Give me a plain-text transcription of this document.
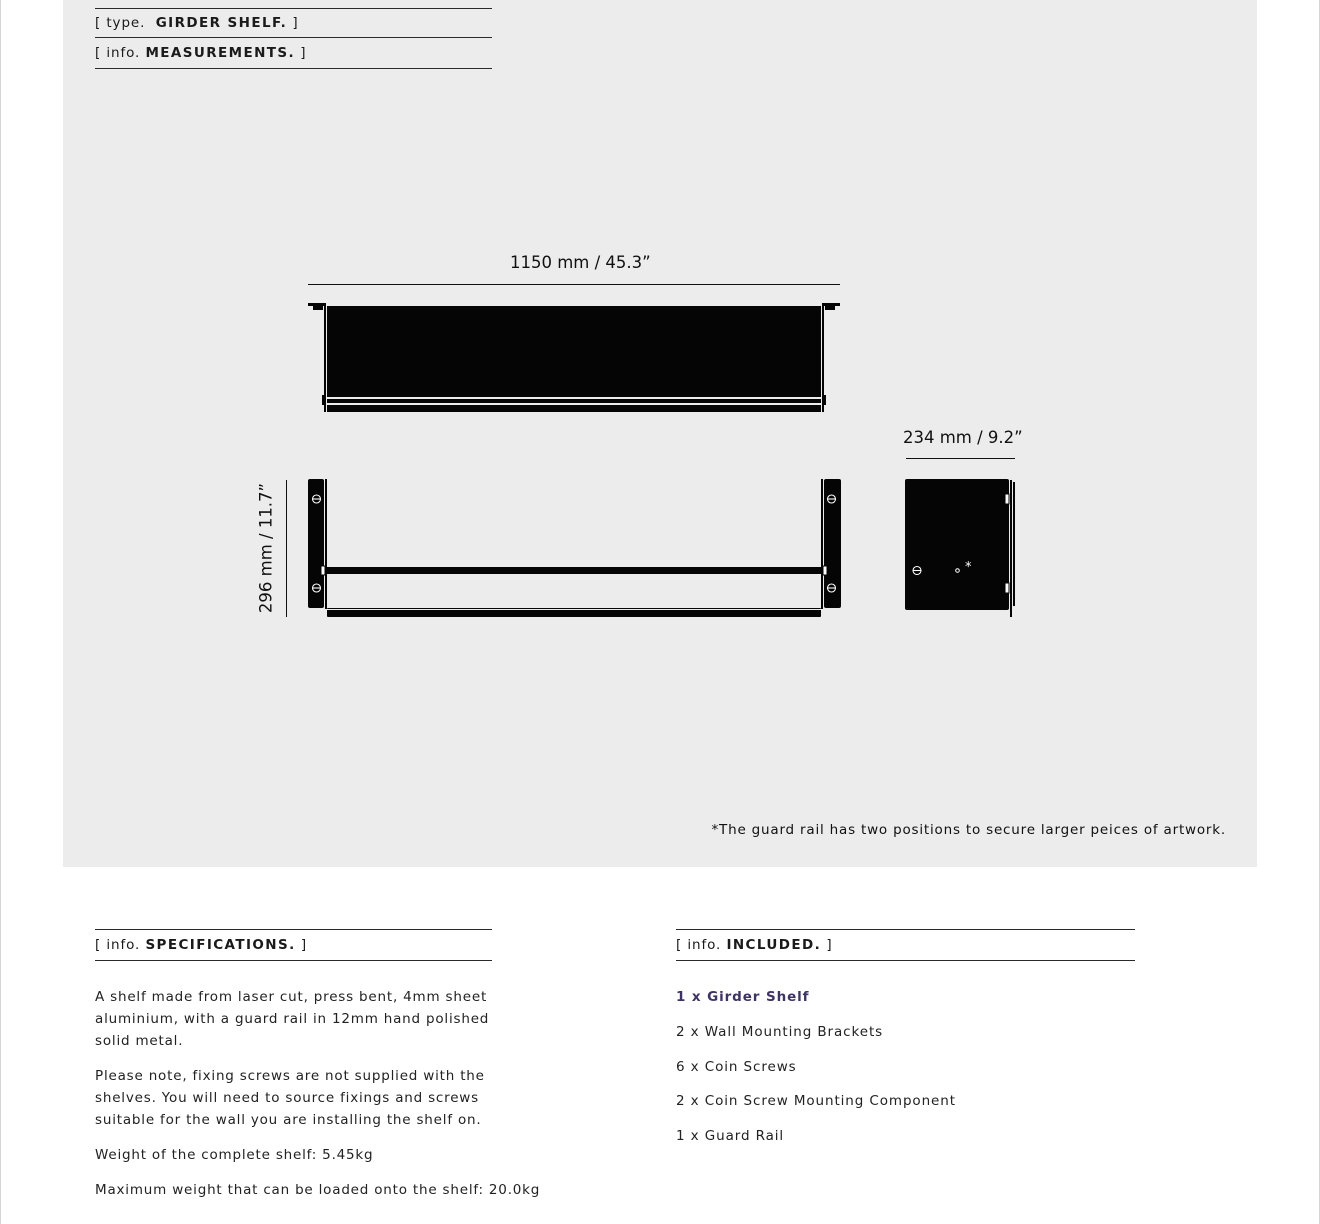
[ type. GIRDER SHELF. ]
[ info. MEASUREMENTS. ]
1150 mm / 45.3”
234 mm / 9.2”
296 mm / 11.7”	*
*The guard rail has two positions to secure larger peices of artwork.
[ info. SPECIFICATIONS. ]

A shelf made from laser cut, press bent, 4mm sheet aluminium, with a guard rail in 12mm hand polished solid metal.

Please note, fixing screws are not supplied with the shelves. You will need to source fixings and screws suitable for the wall you are installing the shelf on.

Weight of the complete shelf: 5.45kg

Maximum weight that can be loaded onto the shelf: 20.0kg

[ info. INCLUDED. ]
1 x Girder Shelf
2 x Wall Mounting Brackets
6 x Coin Screws
2 x Coin Screw Mounting Component
1 x Guard Rail
